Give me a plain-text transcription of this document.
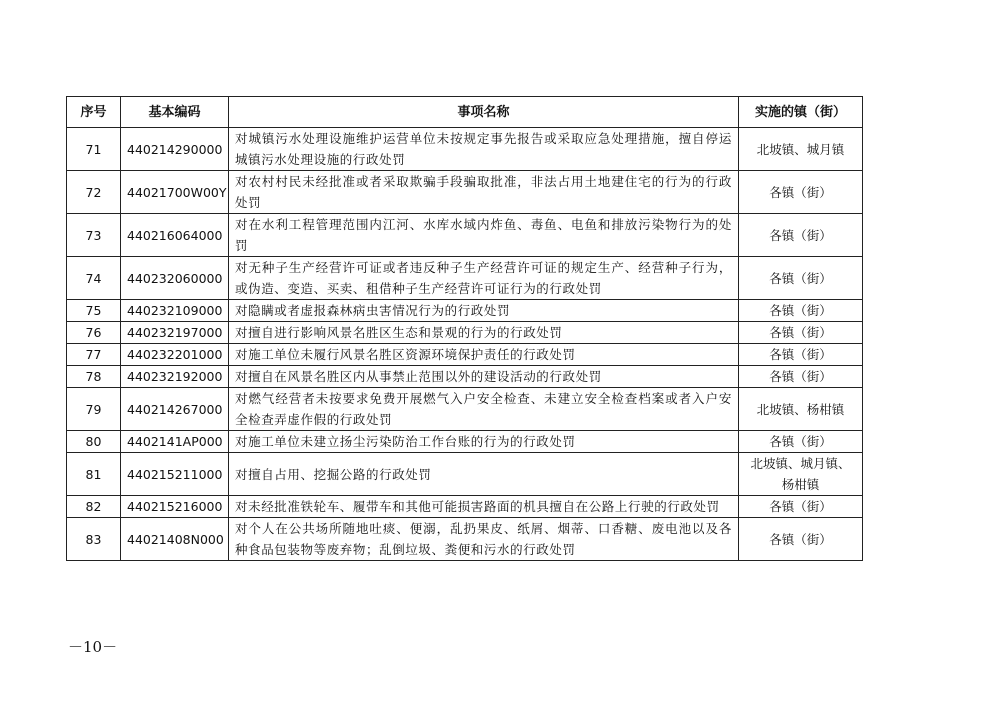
序号	基本编码	事项名称	实施的镇（街）
71	440214290000	对城镇污水处理设施维护运营单位未按规定事先报告或采取应急处理措施，擅自停运城镇污水处理设施的行政处罚	北坡镇、城月镇
72	44021700W00Y	对农村村民未经批准或者采取欺骗手段骗取批准，非法占用土地建住宅的行为的行政处罚	各镇（街）
73	440216064000	对在水利工程管理范围内江河、水库水域内炸鱼、毒鱼、电鱼和排放污染物行为的处罚	各镇（街）
74	440232060000	对无种子生产经营许可证或者违反种子生产经营许可证的规定生产、经营种子行为，或伪造、变造、买卖、租借种子生产经营许可证行为的行政处罚	各镇（街）
75	440232109000	对隐瞒或者虚报森林病虫害情况行为的行政处罚	各镇（街）
76	440232197000	对擅自进行影响风景名胜区生态和景观的行为的行政处罚	各镇（街）
77	440232201000	对施工单位未履行风景名胜区资源环境保护责任的行政处罚	各镇（街）
78	440232192000	对擅自在风景名胜区内从事禁止范围以外的建设活动的行政处罚	各镇（街）
79	440214267000	对燃气经营者未按要求免费开展燃气入户安全检查、未建立安全检查档案或者入户安全检查弄虚作假的行政处罚	北坡镇、杨柑镇
80	4402141AP000	对施工单位未建立扬尘污染防治工作台账的行为的行政处罚	各镇（街）
81	440215211000	对擅自占用、挖掘公路的行政处罚	北坡镇、城月镇、杨柑镇
82	440215216000	对未经批准铁轮车、履带车和其他可能损害路面的机具擅自在公路上行驶的行政处罚	各镇（街）
83	44021408N000	对个人在公共场所随地吐痰、便溺，乱扔果皮、纸屑、烟蒂、口香糖、废电池以及各种食品包装物等废弃物；乱倒垃圾、粪便和污水的行政处罚	各镇（街）
－10－
